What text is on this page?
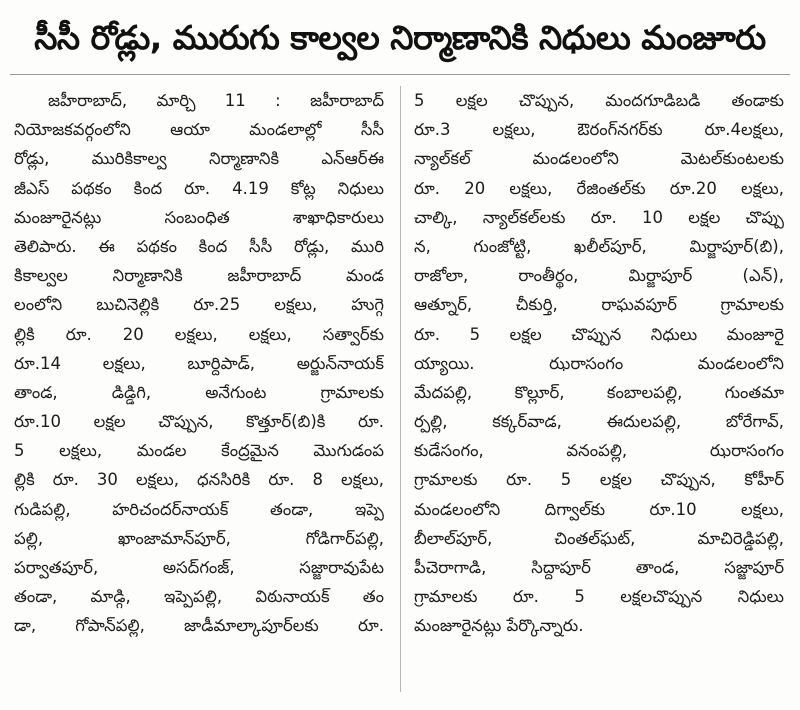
సీసీ రోడ్లు, మురుగు కాల్వల నిర్మాణానికి నిధులు మంజూరు
జహీరాబాద్, మార్చి 11 : జహీరాబాద్
నియోజకవర్గంలోని ఆయా మండలాల్లో సీసీ
రోడ్లు, మురికికాల్వ నిర్మాణానికి ఎన్ఆర్ఈ
జీఎస్ పథకం కింద రూ. 4.19 కోట్ల నిధులు
మంజూరైనట్లు సంబంధిత శాఖాధికారులు
తెలిపారు. ఈ పథకం కింద సీసీ రోడ్లు, మురి
కికాల్వల నిర్మాణానికి జహీరాబాద్ మండ
లంలోని బుచినెల్లికి రూ.25 లక్షలు, హుగ్గె
ల్లికి రూ. 20 లక్షలు, లక్షలు, సత్వార్‌కు
రూ.14 లక్షలు, బూర్దిపాడ్, అర్జున్‌నాయక్
తాండ, డిడ్డిగి, అనేగుంట గ్రామాలకు
రూ.10 లక్షల చొప్పున, కొత్తూర్(బి)కి రూ.
5 లక్షలు, మండల కేంద్రమైన మొగుడంప
ల్లికి రూ. 30 లక్షలు, ధనసిరికి రూ. 8 లక్షలు,
గుడిపల్లి, హరిచందర్‌నాయక్ తండా, ఇప్పె
పల్లి, ఖాంజామాన్‌పూర్, గోడిగార్‌పల్లి,
పర్వాతపూర్, అసద్‌గంజ్, సజ్జారావుపేట
తండా, మాడ్గి, ఇప్పెపల్లి, విఠునాయక్ తం
డా, గోపాన్‌పల్లి, జాడీమాల్కాపూర్‌లకు రూ.
5 లక్షల చొప్పున, మందగూడిబడి తండాకు
రూ.3 లక్షలు, ఔరంగ్‌నగర్‌కు రూ.4లక్షలు,
న్యాల్‌కల్ మండలంలోని మెటల్‌కుంటలకు
రూ. 20 లక్షలు, రేజింతల్‌కు రూ.20 లక్షలు,
చాల్కి, న్యాల్‌కల్‌లకు రూ. 10 లక్షల చొప్పు
న, గుంజోట్టి, ఖలీల్‌పూర్, మిర్జాపూర్(బి),
రాజోలా, రాంతీర్థం, మిర్జాపూర్ (ఎన్),
ఆత్నూర్, చీకుర్తి, రాఘవపూర్ గ్రామాలకు
రూ. 5 లక్షల చొప్పున నిధులు మంజూరై
య్యాయి. ఝరాసంగం మండలంలోని
మేదపల్లి, కొల్లూర్, కంబాలపల్లి, గుంతమా
ర్పల్లి, కక్కర్‌వాడ, ఈదులపల్లి, బోరేగావ్,
కుడేసంగం, వనంపల్లి, ఝరాసంగం
గ్రామాలకు రూ. 5 లక్షల చొప్పున, కోహీర్
మండలంలోని దిగ్వాల్‌కు రూ.10 లక్షలు,
బీలాల్‌పూర్, చింతల్‌ఘట్, మాచిరెడ్డిపల్లి,
పీచెరాగాడి, సిద్దాపూర్ తాండ, సజ్జాపూర్
గ్రామాలకు రూ. 5 లక్షలచొప్పున నిధులు
మంజూరైనట్లు పేర్కొన్నారు.
